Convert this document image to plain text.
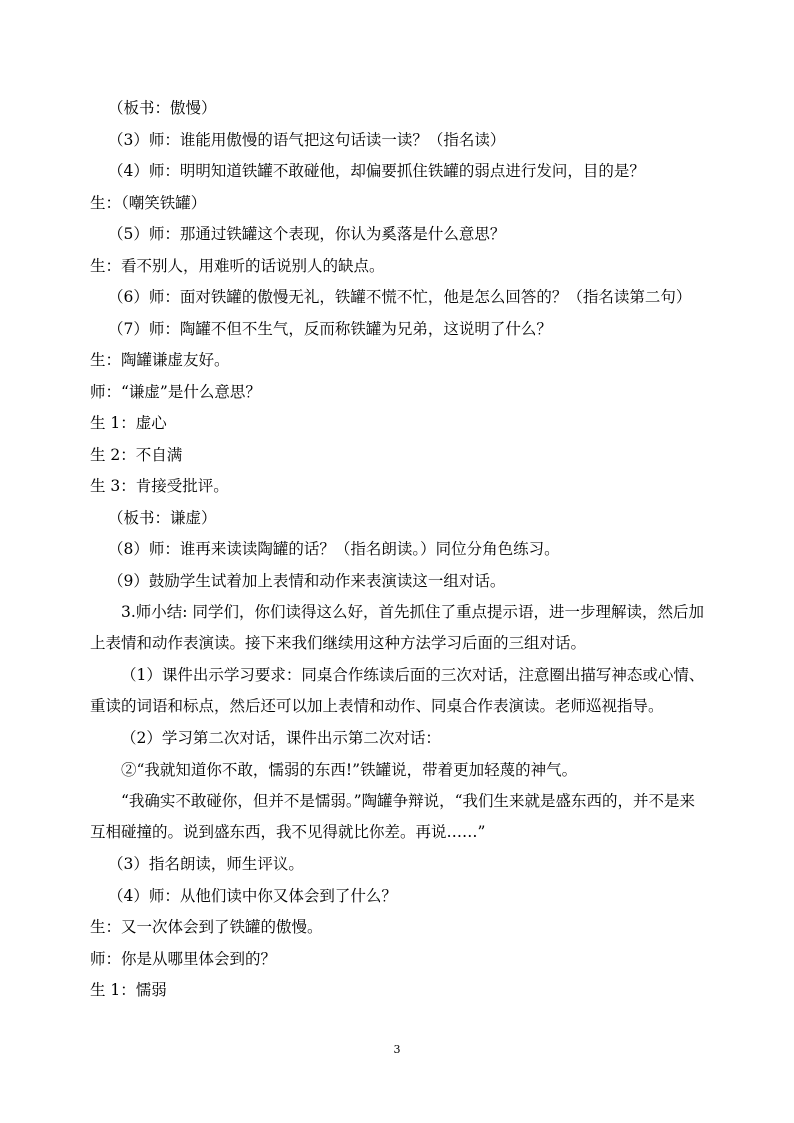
（板书：傲慢）

（3）师：谁能用傲慢的语气把这句话读一读？（指名读）

（4）师：明明知道铁罐不敢碰他，却偏要抓住铁罐的弱点进行发问，目的是？

生：（嘲笑铁罐）

（5）师：那通过铁罐这个表现，你认为奚落是什么意思？

生：看不别人，用难听的话说别人的缺点。

（6）师：面对铁罐的傲慢无礼，铁罐不慌不忙，他是怎么回答的？（指名读第二句）

（7）师：陶罐不但不生气，反而称铁罐为兄弟，这说明了什么？

生：陶罐谦虚友好。

师：“谦虚”是什么意思？

生 1：虚心

生 2：不自满

生 3：肯接受批评。

（板书：谦虚）

（8）师：谁再来读读陶罐的话？（指名朗读。）同位分角色练习。

（9）鼓励学生试着加上表情和动作来表演读这一组对话。

3.师小结: 同学们，你们读得这么好，首先抓住了重点提示语，进一步理解读，然后加上表情和动作表演读。接下来我们继续用这种方法学习后面的三组对话。

（1）课件出示学习要求：同桌合作练读后面的三次对话，注意圈出描写神态或心情、重读的词语和标点，然后还可以加上表情和动作、同桌合作表演读。老师巡视指导。

（2）学习第二次对话，课件出示第二次对话：

②“我就知道你不敢，懦弱的东西!”铁罐说，带着更加轻蔑的神气。

“我确实不敢碰你，但并不是懦弱。”陶罐争辩说，“我们生来就是盛东西的，并不是来互相碰撞的。说到盛东西，我不见得就比你差。再说……”

（3）指名朗读，师生评议。

（4）师：从他们读中你又体会到了什么？

生：又一次体会到了铁罐的傲慢。

师：你是从哪里体会到的？

生 1：懦弱

3
